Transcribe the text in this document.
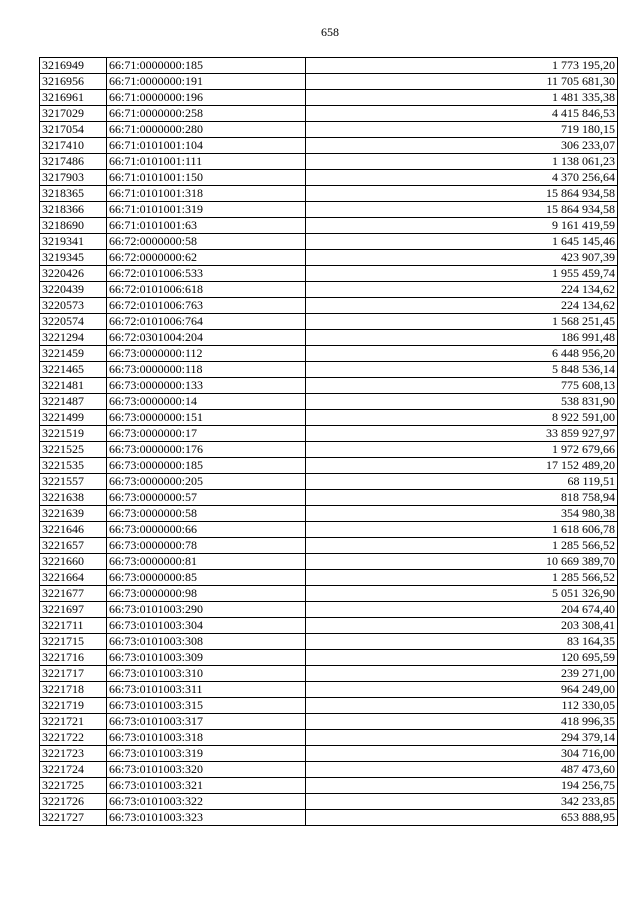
658
3216949	66:71:0000000:185	1 773 195,20
3216956	66:71:0000000:191	11 705 681,30
3216961	66:71:0000000:196	1 481 335,38
3217029	66:71:0000000:258	4 415 846,53
3217054	66:71:0000000:280	719 180,15
3217410	66:71:0101001:104	306 233,07
3217486	66:71:0101001:111	1 138 061,23
3217903	66:71:0101001:150	4 370 256,64
3218365	66:71:0101001:318	15 864 934,58
3218366	66:71:0101001:319	15 864 934,58
3218690	66:71:0101001:63	9 161 419,59
3219341	66:72:0000000:58	1 645 145,46
3219345	66:72:0000000:62	423 907,39
3220426	66:72:0101006:533	1 955 459,74
3220439	66:72:0101006:618	224 134,62
3220573	66:72:0101006:763	224 134,62
3220574	66:72:0101006:764	1 568 251,45
3221294	66:72:0301004:204	186 991,48
3221459	66:73:0000000:112	6 448 956,20
3221465	66:73:0000000:118	5 848 536,14
3221481	66:73:0000000:133	775 608,13
3221487	66:73:0000000:14	538 831,90
3221499	66:73:0000000:151	8 922 591,00
3221519	66:73:0000000:17	33 859 927,97
3221525	66:73:0000000:176	1 972 679,66
3221535	66:73:0000000:185	17 152 489,20
3221557	66:73:0000000:205	68 119,51
3221638	66:73:0000000:57	818 758,94
3221639	66:73:0000000:58	354 980,38
3221646	66:73:0000000:66	1 618 606,78
3221657	66:73:0000000:78	1 285 566,52
3221660	66:73:0000000:81	10 669 389,70
3221664	66:73:0000000:85	1 285 566,52
3221677	66:73:0000000:98	5 051 326,90
3221697	66:73:0101003:290	204 674,40
3221711	66:73:0101003:304	203 308,41
3221715	66:73:0101003:308	83 164,35
3221716	66:73:0101003:309	120 695,59
3221717	66:73:0101003:310	239 271,00
3221718	66:73:0101003:311	964 249,00
3221719	66:73:0101003:315	112 330,05
3221721	66:73:0101003:317	418 996,35
3221722	66:73:0101003:318	294 379,14
3221723	66:73:0101003:319	304 716,00
3221724	66:73:0101003:320	487 473,60
3221725	66:73:0101003:321	194 256,75
3221726	66:73:0101003:322	342 233,85
3221727	66:73:0101003:323	653 888,95
